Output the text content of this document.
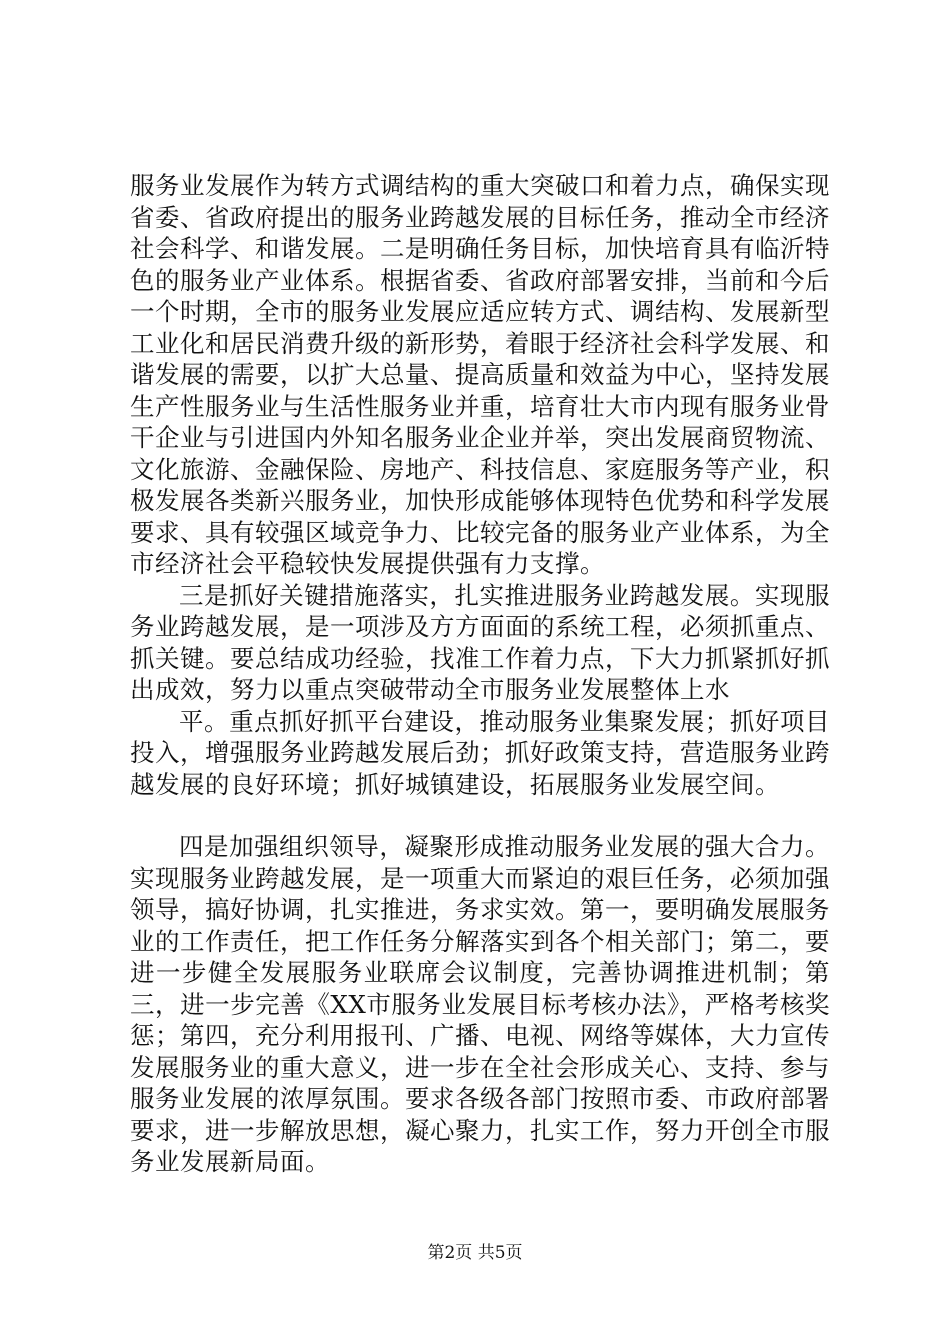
服务业发展作为转方式调结构的重大突破口和着力点，确保实现省委、省政府提出的服务业跨越发展的目标任务，推动全市经济社会科学、和谐发展。二是明确任务目标，加快培育具有临沂特色的服务业产业体系。根据省委、省政府部署安排，当前和今后一个时期，全市的服务业发展应适应转方式、调结构、发展新型工业化和居民消费升级的新形势，着眼于经济社会科学发展、和谐发展的需要，以扩大总量、提高质量和效益为中心，坚持发展生产性服务业与生活性服务业并重，培育壮大市内现有服务业骨干企业与引进国内外知名服务业企业并举，突出发展商贸物流、文化旅游、金融保险、房地产、科技信息、家庭服务等产业，积极发展各类新兴服务业，加快形成能够体现特色优势和科学发展要求、具有较强区域竞争力、比较完备的服务业产业体系，为全市经济社会平稳较快发展提供强有力支撑。

三是抓好关键措施落实，扎实推进服务业跨越发展。实现服务业跨越发展，是一项涉及方方面面的系统工程，必须抓重点、抓关键。要总结成功经验，找准工作着力点，下大力抓紧抓好抓出成效，努力以重点突破带动全市服务业发展整体上水

平。重点抓好抓平台建设，推动服务业集聚发展；抓好项目投入，增强服务业跨越发展后劲；抓好政策支持，营造服务业跨越发展的良好环境；抓好城镇建设，拓展服务业发展空间。

四是加强组织领导，凝聚形成推动服务业发展的强大合力。实现服务业跨越发展，是一项重大而紧迫的艰巨任务，必须加强领导，搞好协调，扎实推进，务求实效。第一，要明确发展服务业的工作责任，把工作任务分解落实到各个相关部门；第二，要进一步健全发展服务业联席会议制度，完善协调推进机制；第三，进一步完善《XX市服务业发展目标考核办法》，严格考核奖惩；第四，充分利用报刊、广播、电视、网络等媒体，大力宣传发展服务业的重大意义，进一步在全社会形成关心、支持、参与服务业发展的浓厚氛围。要求各级各部门按照市委、市政府部署要求，进一步解放思想，凝心聚力，扎实工作，努力开创全市服务业发展新局面。

第2页 共5页
